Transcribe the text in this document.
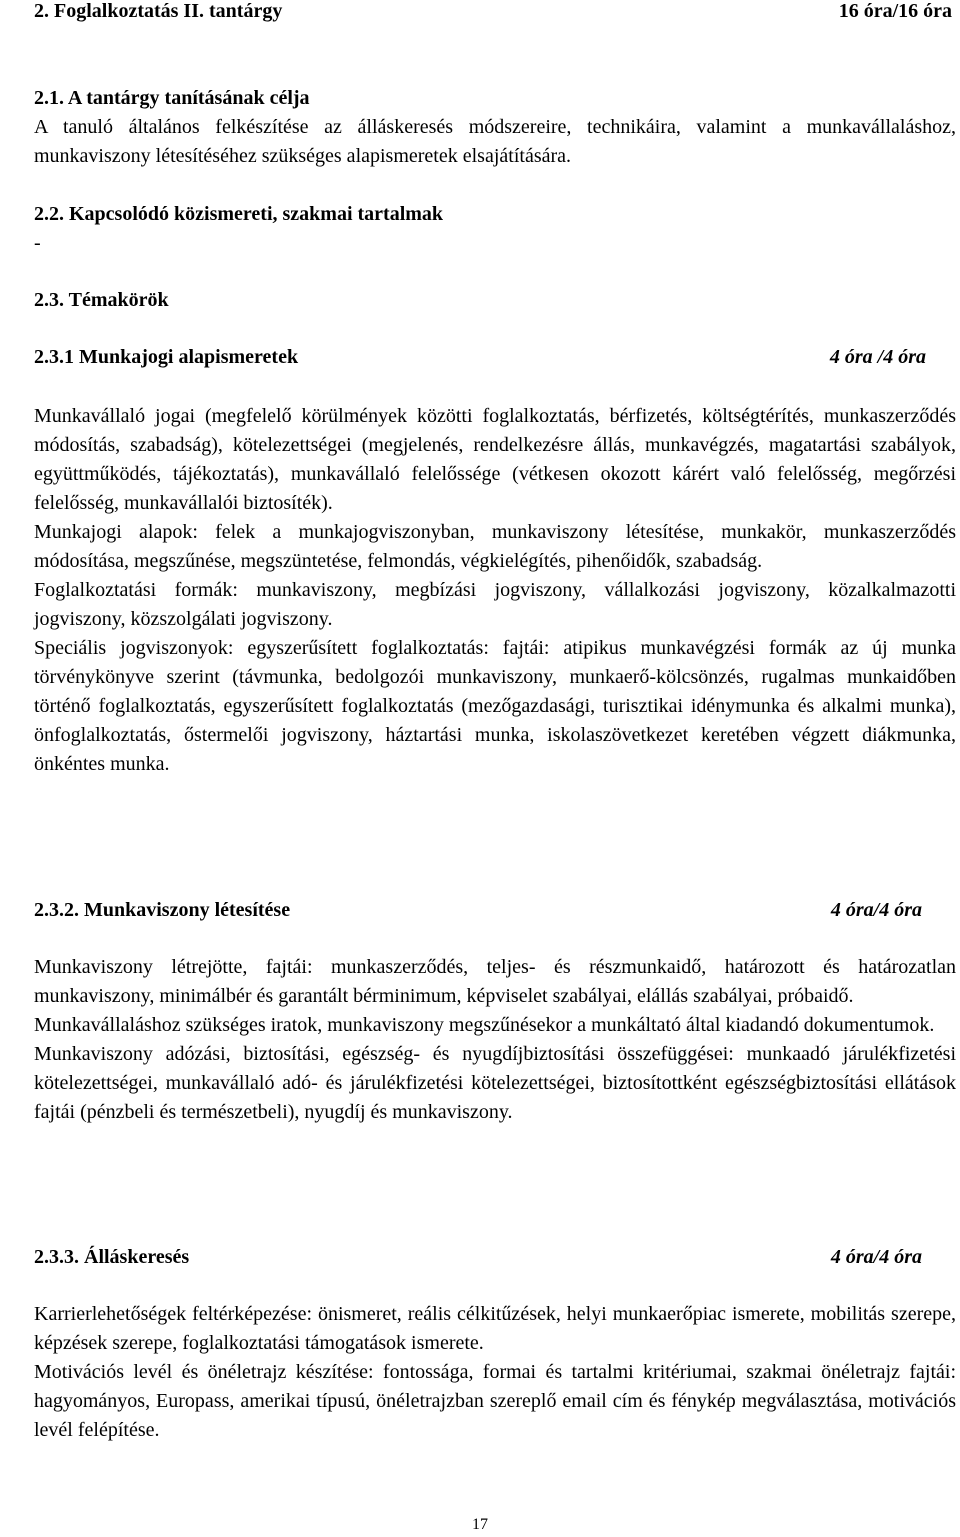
2. Foglalkoztatás II. tantárgy	16 óra/16 óra
2.1. A tantárgy tanításának célja
A tanuló általános felkészítése az álláskeresés módszereire, technikáira, valamint a munkavállaláshoz, munkaviszony létesítéséhez szükséges alapismeretek elsajátítására.
2.2. Kapcsolódó közismereti, szakmai tartalmak
-
2.3. Témakörök
2.3.1 Munkajogi alapismeretek	4 óra /4 óra
Munkavállaló jogai (megfelelő körülmények közötti foglalkoztatás, bérfizetés, költségtérítés, munkaszerződés módosítás, szabadság), kötelezettségei (megjelenés, rendelkezésre állás, munkavégzés, magatartási szabályok, együttműködés, tájékoztatás), munkavállaló felelőssége (vétkesen okozott kárért való felelősség, megőrzési felelősség, munkavállalói biztosíték).
Munkajogi alapok: felek a munkajogviszonyban, munkaviszony létesítése, munkakör, munkaszerződés módosítása, megszűnése, megszüntetése, felmondás, végkielégítés, pihenőidők, szabadság.
Foglalkoztatási formák: munkaviszony, megbízási jogviszony, vállalkozási jogviszony, közalkalmazotti jogviszony, közszolgálati jogviszony.
Speciális jogviszonyok: egyszerűsített foglalkoztatás: fajtái: atipikus munkavégzési formák az új munka törvénykönyve szerint (távmunka, bedolgozói munkaviszony, munkaerő-kölcsönzés, rugalmas munkaidőben történő foglalkoztatás, egyszerűsített foglalkoztatás (mezőgazdasági, turisztikai idénymunka és alkalmi munka), önfoglalkoztatás, őstermelői jogviszony, háztartási munka, iskolaszövetkezet keretében végzett diákmunka, önkéntes munka.
2.3.2. Munkaviszony létesítése	4 óra/4 óra
Munkaviszony létrejötte, fajtái: munkaszerződés, teljes- és részmunkaidő, határozott és határozatlan munkaviszony, minimálbér és garantált bérminimum, képviselet szabályai, elállás szabályai, próbaidő.
Munkavállaláshoz szükséges iratok, munkaviszony megszűnésekor a munkáltató által kiadandó dokumentumok.
Munkaviszony adózási, biztosítási, egészség- és nyugdíjbiztosítási összefüggései: munkaadó járulékfizetési kötelezettségei, munkavállaló adó- és járulékfizetési kötelezettségei, biztosítottként egészségbiztosítási ellátások fajtái (pénzbeli és természetbeli), nyugdíj és munkaviszony.
2.3.3. Álláskeresés	4 óra/4 óra
Karrierlehetőségek feltérképezése: önismeret, reális célkitűzések, helyi munkaerőpiac ismerete, mobilitás szerepe, képzések szerepe, foglalkoztatási támogatások ismerete.
Motivációs levél és önéletrajz készítése: fontossága, formai és tartalmi kritériumai, szakmai önéletrajz fajtái: hagyományos, Europass, amerikai típusú, önéletrajzban szereplő email cím és fénykép megválasztása, motivációs levél felépítése.
17
